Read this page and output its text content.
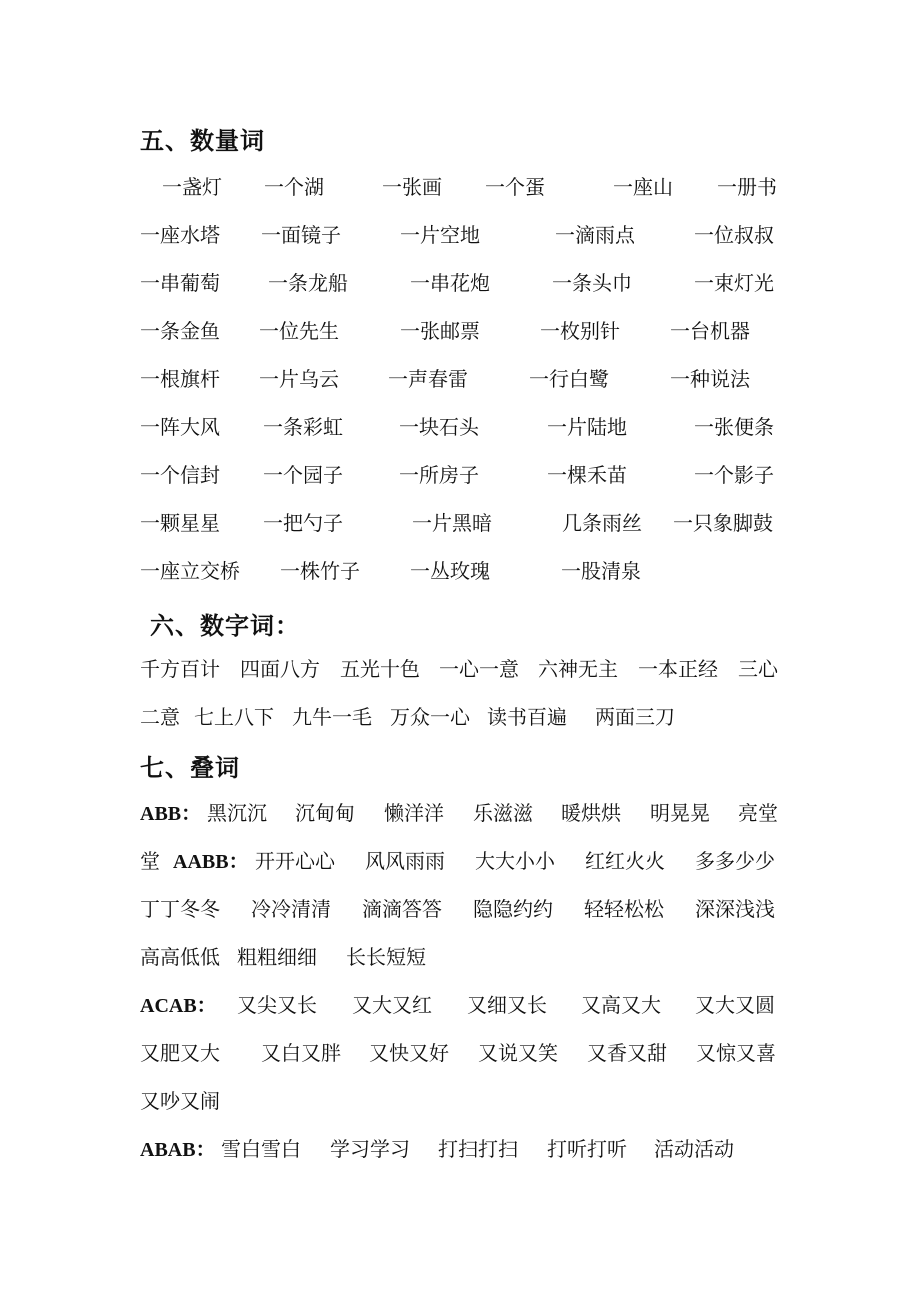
五、数量词
一盏灯 一个湖	一张画 一个蛋	一座山 一册书
一座水塔 一面镜子	一片空地	一滴雨点	一位叔叔
一串葡萄 一条龙船	一串花炮	一条头巾	一束灯光
一条金鱼 一位先生	一张邮票	一枚别针	一台机器
一根旗杆 一片乌云 一声春雷	一行白鹭	一种说法
一阵大风 一条彩虹	一块石头	一片陆地	一张便条
一个信封 一个园子	一所房子	一棵禾苗	一个影子
一颗星星 一把勺子	一片黑暗	几条雨丝 一只象脚鼓
一座立交桥 一株竹子	一丛玫瑰	一股清泉
六、数字词：
千方百计 四面八方 五光十色 一心一意 六神无主 一本正经 三心
二意 七上八下 九牛一毛 万众一心 读书百遍 两面三刀
七、叠词
ABB： 黑沉沉 沉甸甸 懒洋洋 乐滋滋 暖烘烘 明晃晃 亮堂
堂 AABB： 开开心心 风风雨雨 大大小小 红红火火 多多少少
丁丁冬冬 冷冷清清 滴滴答答 隐隐约约 轻轻松松 深深浅浅
高高低低 粗粗细细 长长短短
ACAB： 又尖又长 又大又红 又细又长 又高又大 又大又圆
又肥又大 又白又胖 又快又好 又说又笑 又香又甜 又惊又喜
又吵又闹
ABAB： 雪白雪白 学习学习 打扫打扫 打听打听 活动活动
